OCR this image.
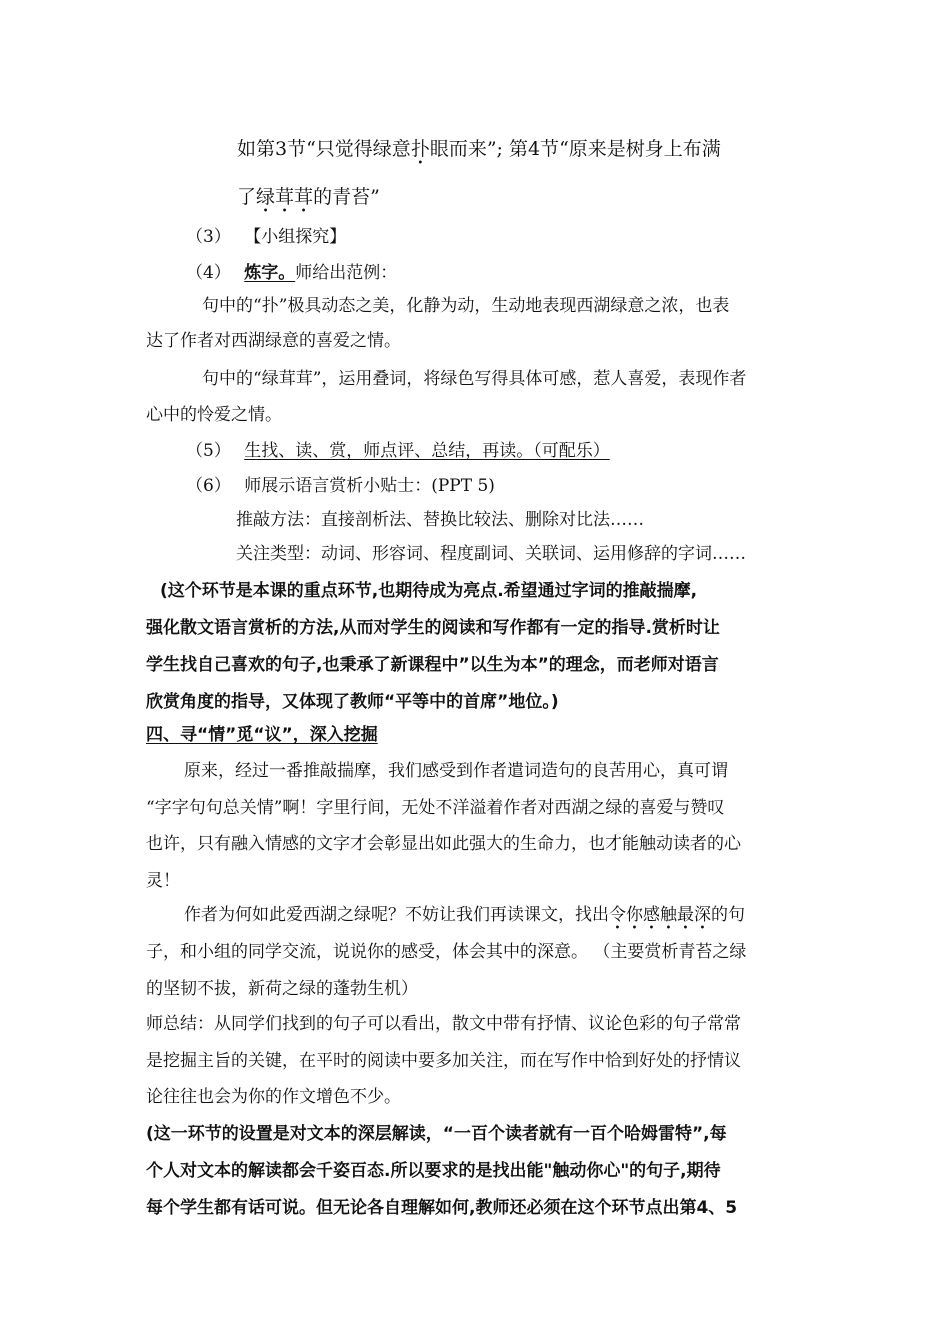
如第3节“只觉得绿意扑眼而来”; 第4节“原来是树身上布满
了绿茸茸的青苔”
（3） 【小组探究】
（4） 炼字。师给出范例：
句中的“扑”极具动态之美，化静为动，生动地表现西湖绿意之浓，也表
达了作者对西湖绿意的喜爱之情。
句中的“绿茸茸”，运用叠词，将绿色写得具体可感，惹人喜爱，表现作者
心中的怜爱之情。
（5） 生找、读、赏，师点评、总结，再读。（可配乐）
（6） 师展示语言赏析小贴士：(PPT 5)
推敲方法：直接剖析法、替换比较法、删除对比法……
关注类型：动词、形容词、程度副词、关联词、运用修辞的字词……
(这个环节是本课的重点环节,也期待成为亮点.希望通过字词的推敲揣摩,
强化散文语言赏析的方法,从而对学生的阅读和写作都有一定的指导.赏析时让
学生找自己喜欢的句子,也秉承了新课程中”以生为本”的理念，而老师对语言
欣赏角度的指导，又体现了教师“平等中的首席”地位。)
四、寻“情”觅“议”，深入挖掘
原来，经过一番推敲揣摩，我们感受到作者遣词造句的良苦用心，真可谓
“字字句句总关情”啊！字里行间，无处不洋溢着作者对西湖之绿的喜爱与赞叹
也许，只有融入情感的文字才会彰显出如此强大的生命力，也才能触动读者的心
灵！
作者为何如此爱西湖之绿呢？不妨让我们再读课文，找出令你感触最深的句
子，和小组的同学交流，说说你的感受，体会其中的深意。 （主要赏析青苔之绿
的坚韧不拔，新荷之绿的蓬勃生机）
师总结：从同学们找到的句子可以看出，散文中带有抒情、议论色彩的句子常常
是挖掘主旨的关键，在平时的阅读中要多加关注，而在写作中恰到好处的抒情议
论往往也会为你的作文增色不少。
(这一环节的设置是对文本的深层解读，“一百个读者就有一百个哈姆雷特”,每
个人对文本的解读都会千姿百态.所以要求的是找出能"触动你心"的句子,期待
每个学生都有话可说。但无论各自理解如何,教师还必须在这个环节点出第4、5
